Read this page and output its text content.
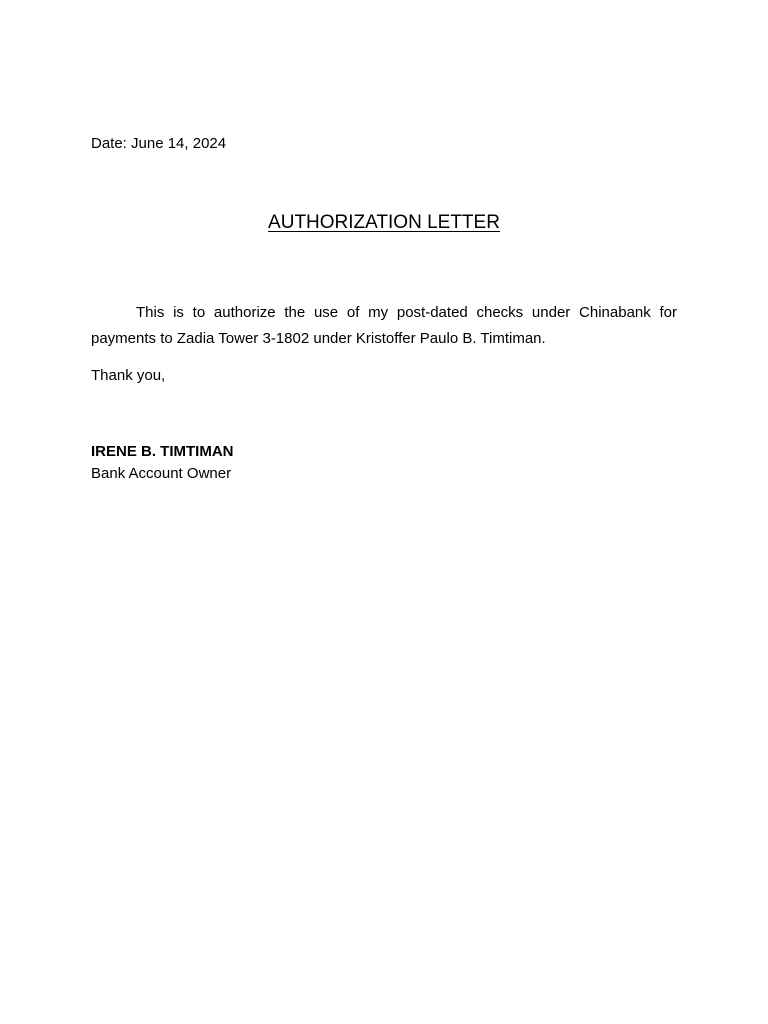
Date: June 14, 2024
AUTHORIZATION LETTER

This is to authorize the use of my post-dated checks under Chinabank for payments to Zadia Tower 3-1802 under Kristoffer Paulo B. Timtiman.

Thank you,
IRENE B. TIMTIMAN
Bank Account Owner
